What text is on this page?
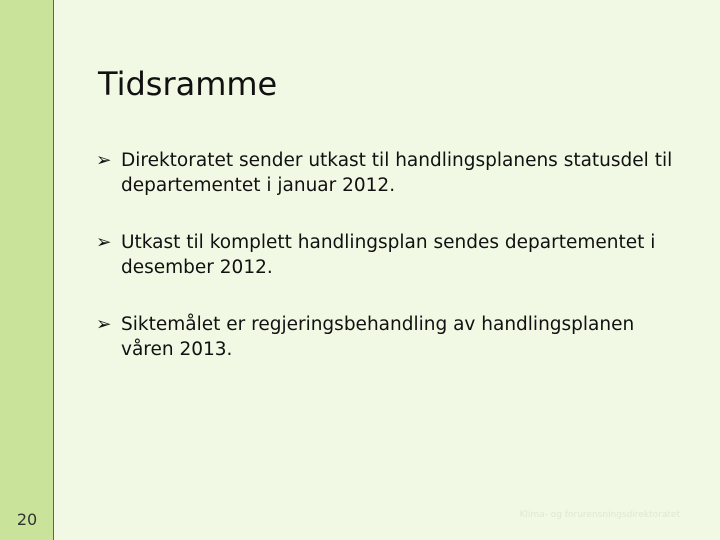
20
Tidsramme
➢ Direktoratet sender utkast til handlingsplanens statusdel til departementet i januar 2012.
➢ Utkast til komplett handlingsplan sendes departementet i desember 2012.
➢ Siktemålet er regjeringsbehandling av handlingsplanen våren 2013.
Klima- og forurensningsdirektoratet
